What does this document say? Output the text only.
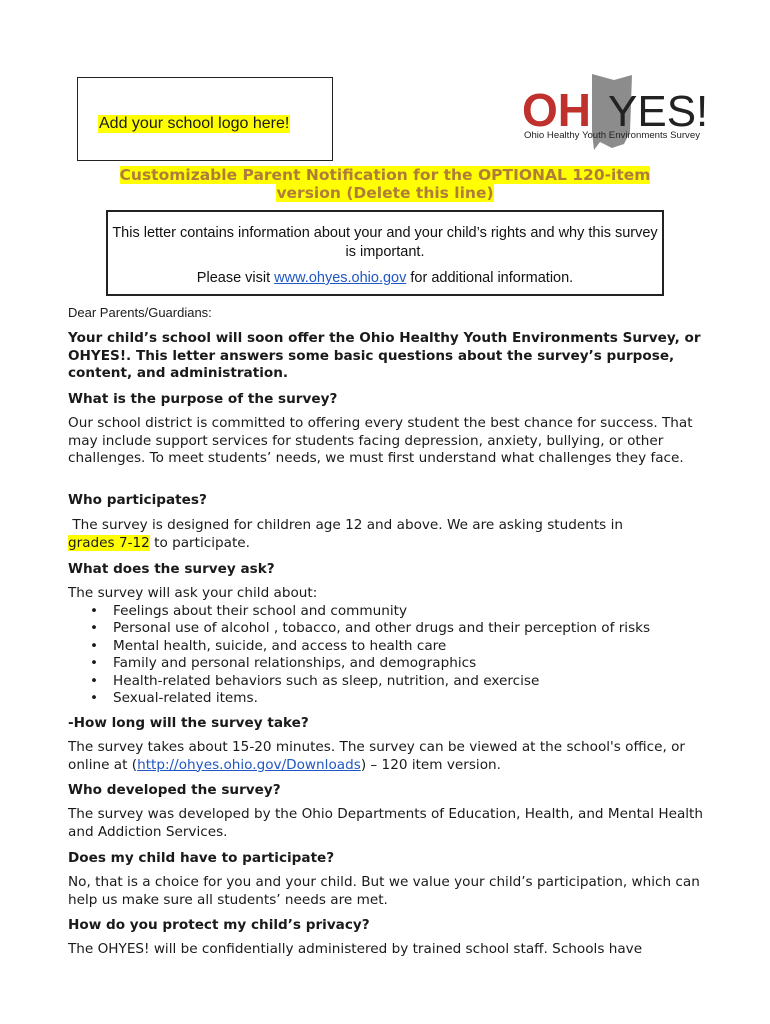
Add your school logo here!	OH YES!
Ohio Healthy Youth Environments Survey
Customizable Parent Notification for the OPTIONAL 120-item
version (Delete this line)
This letter contains information about your and your child’s rights and why this survey is important.
Please visit www.ohyes.ohio.gov for additional information.
Dear Parents/Guardians:
Your child’s school will soon offer the Ohio Healthy Youth Environments Survey, or OHYES!. This letter answers some basic questions about the survey’s purpose, content, and administration.
What is the purpose of the survey?
Our school district is committed to offering every student the best chance for success. That may include support services for students facing depression, anxiety, bullying, or other challenges. To meet students’ needs, we must first understand what challenges they face.
Who participates?
The survey is designed for children age 12 and above. We are asking students in
grades 7-12 to participate.
What does the survey ask?
The survey will ask your child about:
• Feelings about their school and community
• Personal use of alcohol , tobacco, and other drugs and their perception of risks
• Mental health, suicide, and access to health care
• Family and personal relationships, and demographics
• Health-related behaviors such as sleep, nutrition, and exercise
• Sexual-related items.
-How long will the survey take?
The survey takes about 15-20 minutes. The survey can be viewed at the school's office, or online at (http://ohyes.ohio.gov/Downloads) – 120 item version.
Who developed the survey?
The survey was developed by the Ohio Departments of Education, Health, and Mental Health and Addiction Services.
Does my child have to participate?
No, that is a choice for you and your child. But we value your child’s participation, which can help us make sure all students’ needs are met.
How do you protect my child’s privacy?
The OHYES! will be confidentially administered by trained school staff. Schools have
